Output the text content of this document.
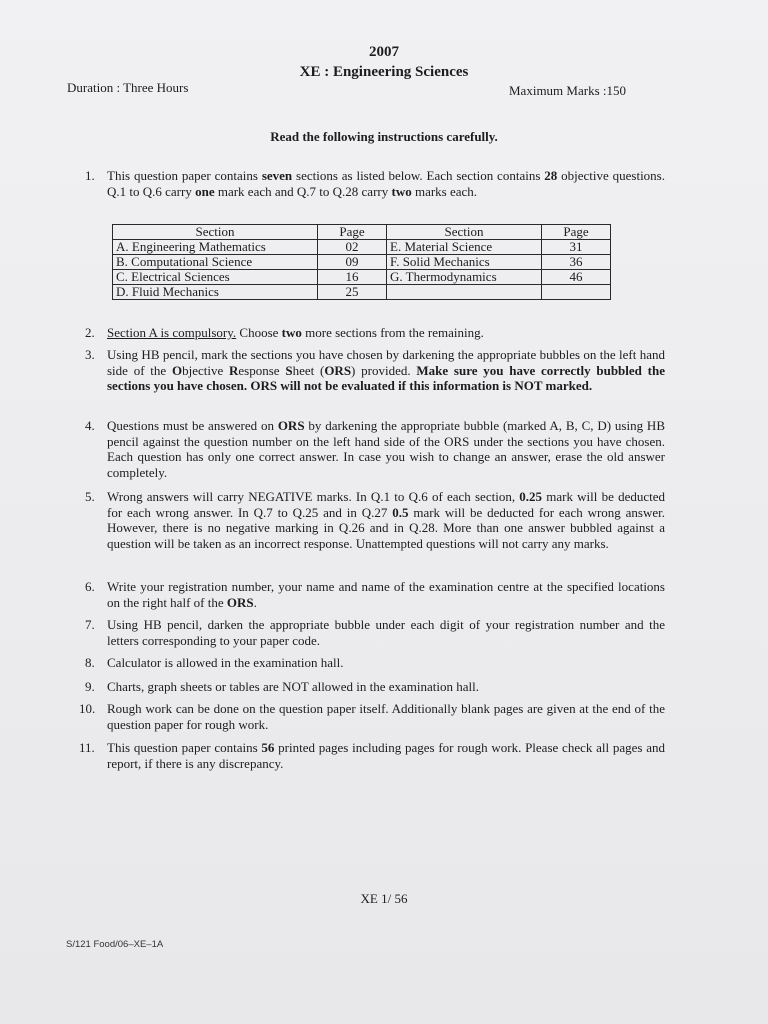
2007
XE : Engineering Sciences
Duration : Three Hours	Maximum Marks :150
Read the following instructions carefully.
1. This question paper contains seven sections as listed below. Each section contains 28 objective questions. Q.1 to Q.6 carry one mark each and Q.7 to Q.28 carry two marks each.
Section	Page	Section	Page
A. Engineering Mathematics	02	E. Material Science	31
B. Computational Science	09	F. Solid Mechanics	36
C. Electrical Sciences	16	G. Thermodynamics	46
D. Fluid Mechanics	25		
2. Section A is compulsory. Choose two more sections from the remaining.
3. Using HB pencil, mark the sections you have chosen by darkening the appropriate bubbles on the left hand side of the Objective Response Sheet (ORS) provided. Make sure you have correctly bubbled the sections you have chosen. ORS will not be evaluated if this information is NOT marked.
4. Questions must be answered on ORS by darkening the appropriate bubble (marked A, B, C, D) using HB pencil against the question number on the left hand side of the ORS under the sections you have chosen. Each question has only one correct answer. In case you wish to change an answer, erase the old answer completely.
5. Wrong answers will carry NEGATIVE marks. In Q.1 to Q.6 of each section, 0.25 mark will be deducted for each wrong answer. In Q.7 to Q.25 and in Q.27 0.5 mark will be deducted for each wrong answer. However, there is no negative marking in Q.26 and in Q.28. More than one answer bubbled against a question will be taken as an incorrect response. Unattempted questions will not carry any marks.
6. Write your registration number, your name and name of the examination centre at the specified locations on the right half of the ORS.
7. Using HB pencil, darken the appropriate bubble under each digit of your registration number and the letters corresponding to your paper code.
8. Calculator is allowed in the examination hall.
9. Charts, graph sheets or tables are NOT allowed in the examination hall.
10. Rough work can be done on the question paper itself. Additionally blank pages are given at the end of the question paper for rough work.
11. This question paper contains 56 printed pages including pages for rough work. Please check all pages and report, if there is any discrepancy.
XE 1/ 56
S/121 Food/06–XE–1A
